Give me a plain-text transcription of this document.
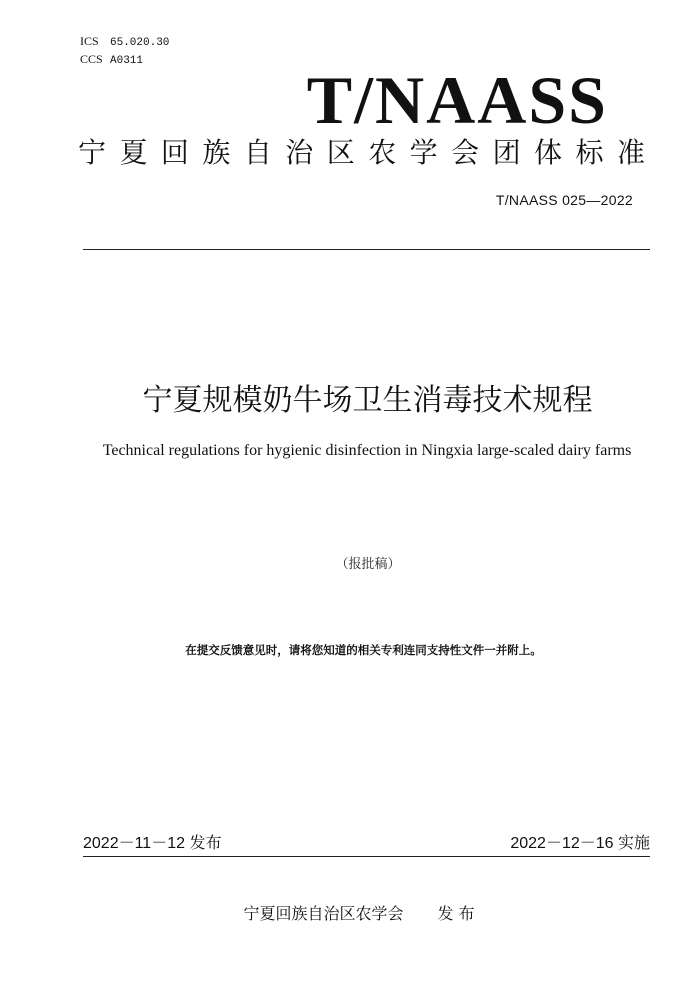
ICS 65.020.30
CCS A0311
T/NAASS
宁夏回族自治区农学会团体标准
T/NAASS 025—2022
宁夏规模奶牛场卫生消毒技术规程
Technical regulations for hygienic disinfection in Ningxia large-scaled dairy farms
（报批稿）
在提交反馈意见时，请将您知道的相关专利连同支持性文件一并附上。
2022－11－12 发布	2022－12－16 实施
宁夏回族自治区农学会 发 布
